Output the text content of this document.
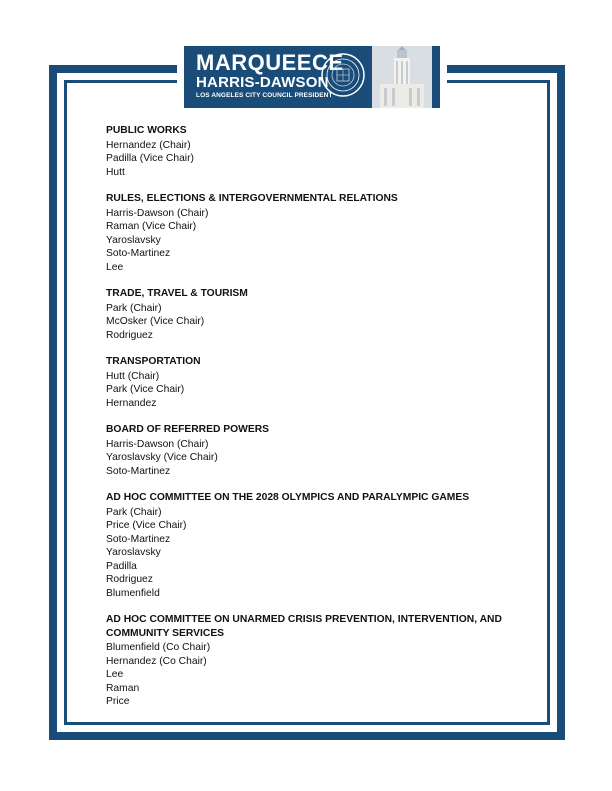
MARQUEECE
HARRIS-DAWSON
LOS ANGELES CITY COUNCIL PRESIDENT
PUBLIC WORKS
Hernandez (Chair)
Padilla (Vice Chair)
Hutt
RULES, ELECTIONS & INTERGOVERNMENTAL RELATIONS
Harris-Dawson (Chair)
Raman (Vice Chair)
Yaroslavsky
Soto-Martinez
Lee
TRADE, TRAVEL & TOURISM
Park (Chair)
McOsker (Vice Chair)
Rodriguez
TRANSPORTATION
Hutt (Chair)
Park (Vice Chair)
Hernandez
BOARD OF REFERRED POWERS
Harris-Dawson (Chair)
Yaroslavsky (Vice Chair)
Soto-Martinez
AD HOC COMMITTEE ON THE 2028 OLYMPICS AND PARALYMPIC GAMES
Park (Chair)
Price (Vice Chair)
Soto-Martinez
Yaroslavsky
Padilla
Rodriguez
Blumenfield
AD HOC COMMITTEE ON UNARMED CRISIS PREVENTION, INTERVENTION, AND COMMUNITY SERVICES
Blumenfield (Co Chair)
Hernandez (Co Chair)
Lee
Raman
Price
